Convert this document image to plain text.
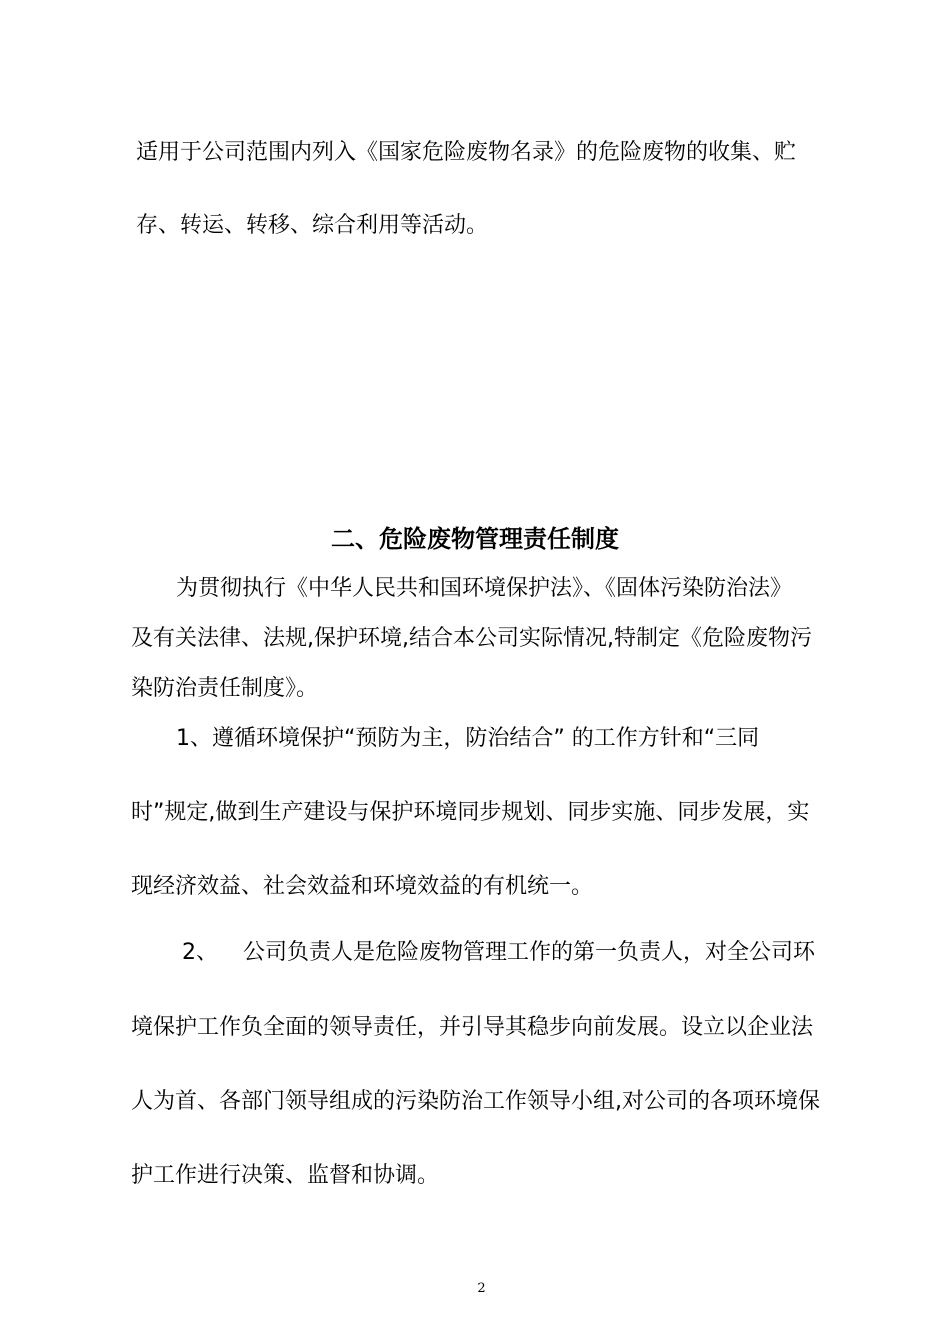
适用于公司范围内列入《国家危险废物名录》的危险废物的收集、贮
存、转运、转移、综合利用等活动。
二、危险废物管理责任制度
为贯彻执行《中华人民共和国环境保护法》、《固体污染防治法》
及有关法律、法规,保护环境,结合本公司实际情况,特制定《危险废物污
染防治责任制度》。
1、遵循环境保护“预防为主，防治结合” 的工作方针和“三同
时”规定,做到生产建设与保护环境同步规划、同步实施、同步发展，实
现经济效益、社会效益和环境效益的有机统一。
2、 公司负责人是危险废物管理工作的第一负责人，对全公司环
境保护工作负全面的领导责任，并引导其稳步向前发展。设立以企业法
人为首、各部门领导组成的污染防治工作领导小组,对公司的各项环境保
护工作进行决策、监督和协调。
2
